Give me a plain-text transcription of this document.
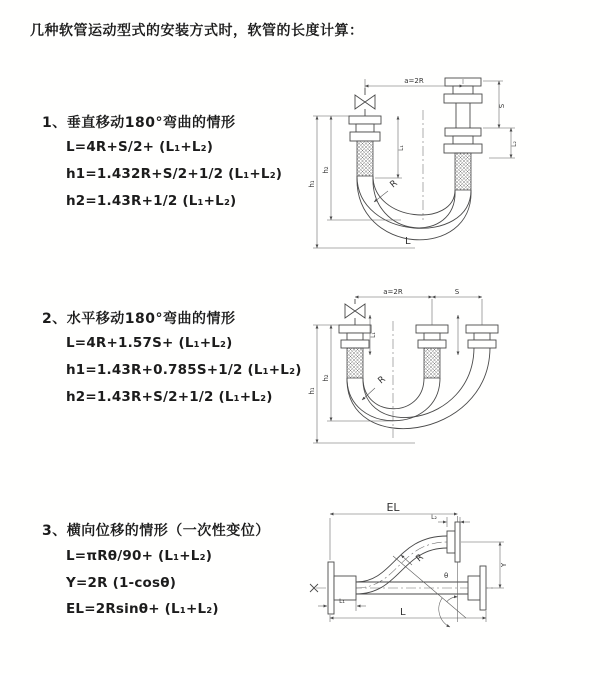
几种软管运动型式的安装方式时，软管的长度计算：
1、垂直移动180°弯曲的情形
L=4R+S/2+ (L₁+L₂)
h1=1.432R+S/2+1/2 (L₁+L₂)
h2=1.43R+1/2 (L₁+L₂)
2、水平移动180°弯曲的情形
L=4R+1.57S+ (L₁+L₂)
h1=1.43R+0.785S+1/2 (L₁+L₂)
h2=1.43R+S/2+1/2 (L₁+L₂)
3、横向位移的情形（一次性变位）
L=πRθ/90+ (L₁+L₂)
Y=2R (1-cosθ)
EL=2Rsinθ+ (L₁+L₂)
a=2R
L₁
S
L₂
h₂
h₁	R
L
a=2R	S
L₁
h₂
h₁
R
EL
L₂
Y
R
θ
L₁
L
